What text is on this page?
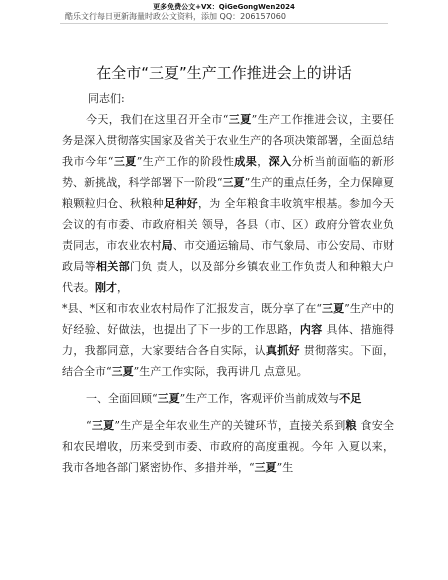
更多免费公文+VX：QiGeGongWen2024
酷乐文行每日更新海量时政公文资料，添加 QQ：206157060
在全市“三夏”生产工作推进会上的讲话

同志们:

今天，我们在这里召开全市“三夏”生产工作推进会议，主要任务是深入贯彻落实国家及省关于农业生产的各项决策部署，全面总结我市今年“三夏”生产工作的阶段性成果，深入分析当前面临的新形势、新挑战，科学部署下一阶段“三夏”生产的重点任务，全力保障夏粮颗粒归仓、秋粮种足种好，为 全年粮食丰收筑牢根基。参加今天会议的有市委、市政府相关 领导，各县（市、区）政府分管农业负责同志，市农业农村局、市交通运输局、市气象局、市公安局、市财政局等相关部门负 责人，以及部分乡镇农业工作负责人和种粮大户代表。刚才，

*县、*区和市农业农村局作了汇报发言，既分享了在“三夏”生产中的好经验、好做法，也提出了下一步的工作思路，内容 具体、措施得力，我都同意，大家要结合各自实际，认真抓好 贯彻落实。下面，结合全市“三夏”生产工作实际，我再讲几 点意见。

一、全面回顾“三夏”生产工作，客观评价当前成效与不足

“三夏”生产是全年农业生产的关键环节，直接关系到粮 食安全和农民增收，历来受到市委、市政府的高度重视。今年 入夏以来，我市各地各部门紧密协作、多措并举，“三夏”生
